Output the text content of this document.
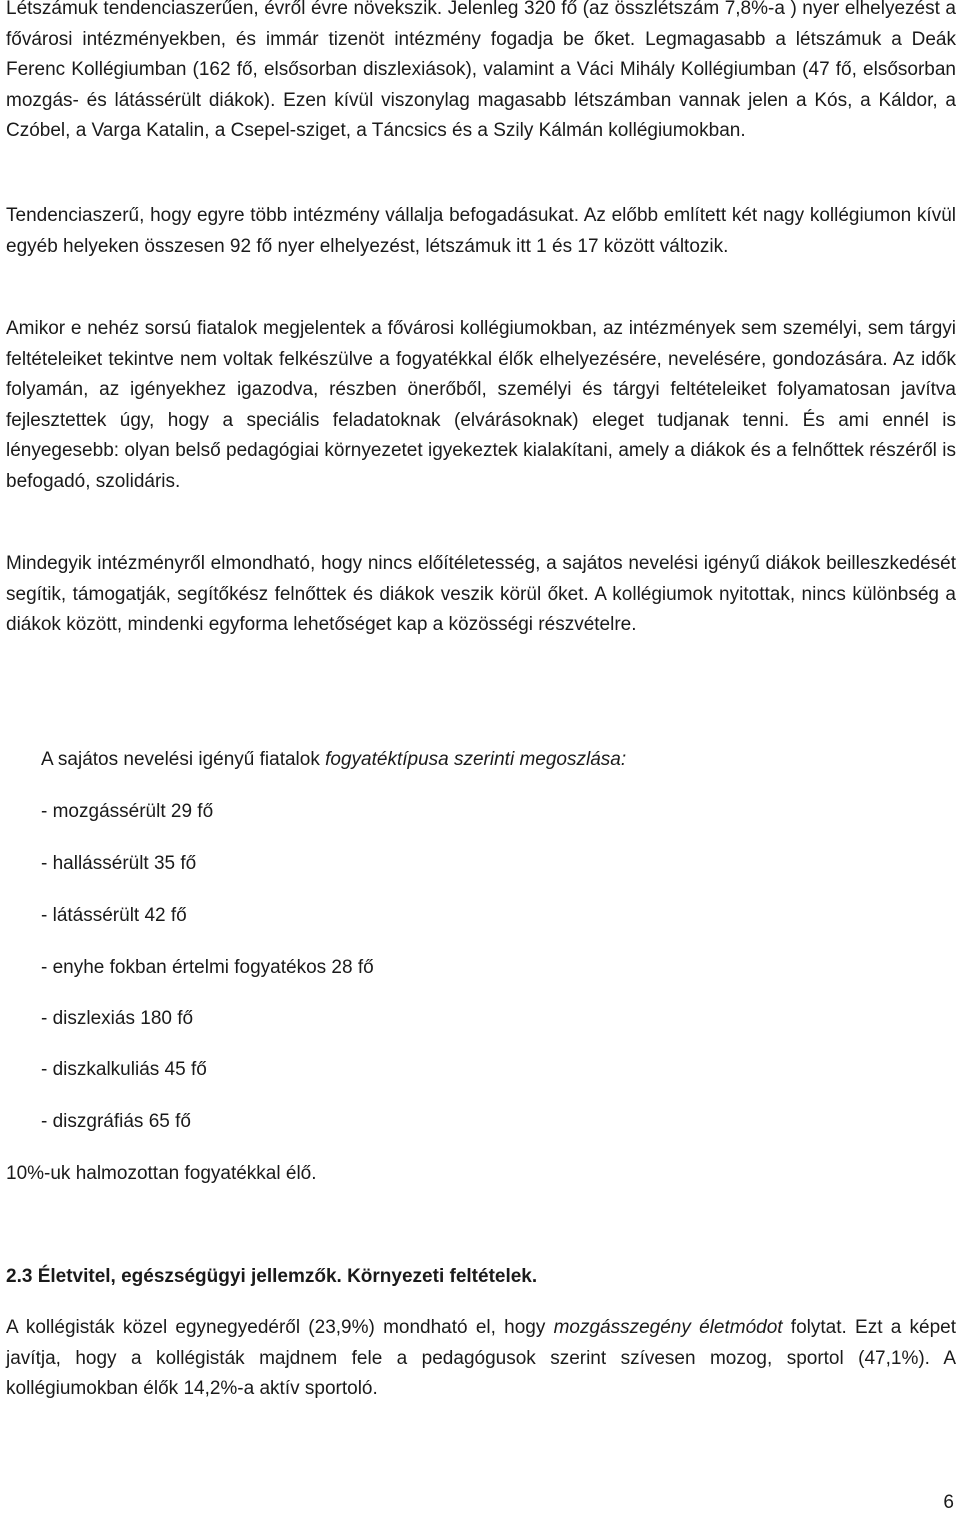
Létszámuk tendenciaszerűen, évről évre növekszik. Jelenleg 320 fő (az összlétszám 7,8%-a ) nyer elhelyezést a fővárosi intézményekben, és immár tizenöt intézmény fogadja be őket. Legmagasabb a létszámuk a Deák Ferenc Kollégiumban (162 fő, elsősorban diszlexiások), valamint a Váci Mihály Kollégiumban (47 fő, elsősorban mozgás- és látássérült diákok). Ezen kívül viszonylag magasabb létszámban vannak jelen a Kós, a Káldor, a Czóbel, a Varga Katalin, a Csepel-sziget, a Táncsics és a Szily Kálmán kollégiumokban.

Tendenciaszerű, hogy egyre több intézmény vállalja befogadásukat. Az előbb említett két nagy kollégiumon kívül egyéb helyeken összesen 92 fő nyer elhelyezést, létszámuk itt 1 és 17 között változik.

Amikor e nehéz sorsú fiatalok megjelentek a fővárosi kollégiumokban, az intézmények sem személyi, sem tárgyi feltételeiket tekintve nem voltak felkészülve a fogyatékkal élők elhelyezésére, nevelésére, gondozására. Az idők folyamán, az igényekhez igazodva, részben önerőből, személyi és tárgyi feltételeiket folyamatosan javítva fejlesztettek úgy, hogy a speciális feladatoknak (elvárásoknak) eleget tudjanak tenni. És ami ennél is lényegesebb: olyan belső pedagógiai környezetet igyekeztek kialakítani, amely a diákok és a felnőttek részéről is befogadó, szolidáris.

Mindegyik intézményről elmondható, hogy nincs előítéletesség, a sajátos nevelési igényű diákok beilleszkedését segítik, támogatják, segítőkész felnőttek és diákok veszik körül őket. A kollégiumok nyitottak, nincs különbség a diákok között, mindenki egyforma lehetőséget kap a közösségi részvételre.

A sajátos nevelési igényű fiatalok fogyatéktípusa szerinti megoszlása:

- mozgássérült 29 fő

- hallássérült 35 fő

- látássérült 42 fő

- enyhe fokban értelmi fogyatékos 28 fő

- diszlexiás 180 fő

- diszkalkuliás 45 fő

- diszgráfiás 65 fő

10%-uk halmozottan fogyatékkal élő.

2.3 Életvitel, egészségügyi jellemzők. Környezeti feltételek.

A kollégisták közel egynegyedéről (23,9%) mondható el, hogy mozgásszegény életmódot folytat. Ezt a képet javítja, hogy a kollégisták majdnem fele a pedagógusok szerint szívesen mozog, sportol (47,1%). A kollégiumokban élők 14,2%-a aktív sportoló.

6
